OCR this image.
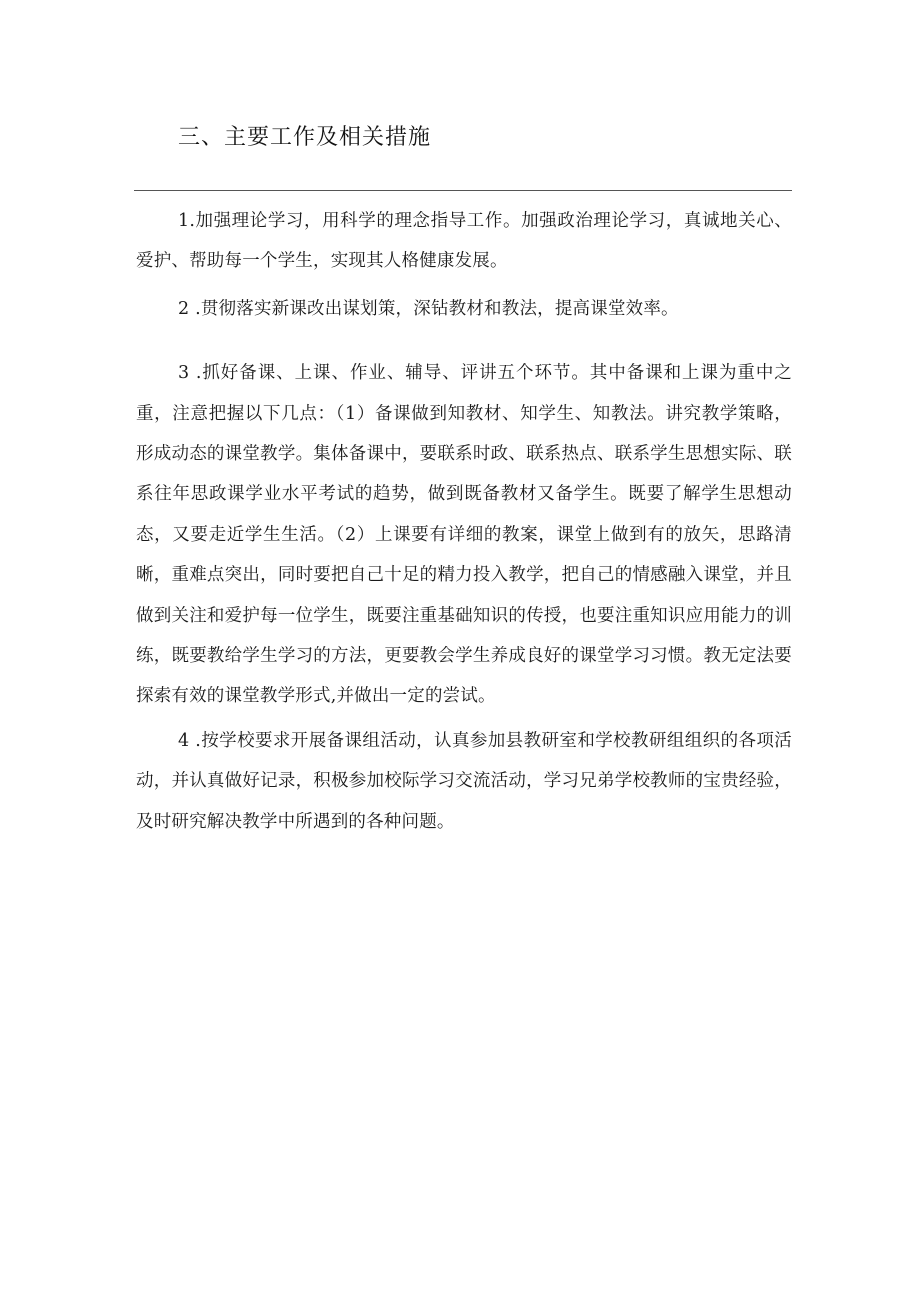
三、主要工作及相关措施

1.加强理论学习，用科学的理念指导工作。加强政治理论学习，真诚地关心、爱护、帮助每一个学生，实现其人格健康发展。

2 .贯彻落实新课改出谋划策，深钻教材和教法，提高课堂效率。

3 .抓好备课、上课、作业、辅导、评讲五个环节。其中备课和上课为重中之重，注意把握以下几点：（1）备课做到知教材、知学生、知教法。讲究教学策略，形成动态的课堂教学。集体备课中，要联系时政、联系热点、联系学生思想实际、联系往年思政课学业水平考试的趋势，做到既备教材又备学生。既要了解学生思想动态，又要走近学生生活。（2）上课要有详细的教案，课堂上做到有的放矢，思路清晰，重难点突出，同时要把自己十足的精力投入教学，把自己的情感融入课堂，并且做到关注和爱护每一位学生，既要注重基础知识的传授，也要注重知识应用能力的训练，既要教给学生学习的方法，更要教会学生养成良好的课堂学习习惯。教无定法要探索有效的课堂教学形式,并做出一定的尝试。

4 .按学校要求开展备课组活动，认真参加县教研室和学校教研组组织的各项活动，并认真做好记录，积极参加校际学习交流活动，学习兄弟学校教师的宝贵经验，及时研究解决教学中所遇到的各种问题。
